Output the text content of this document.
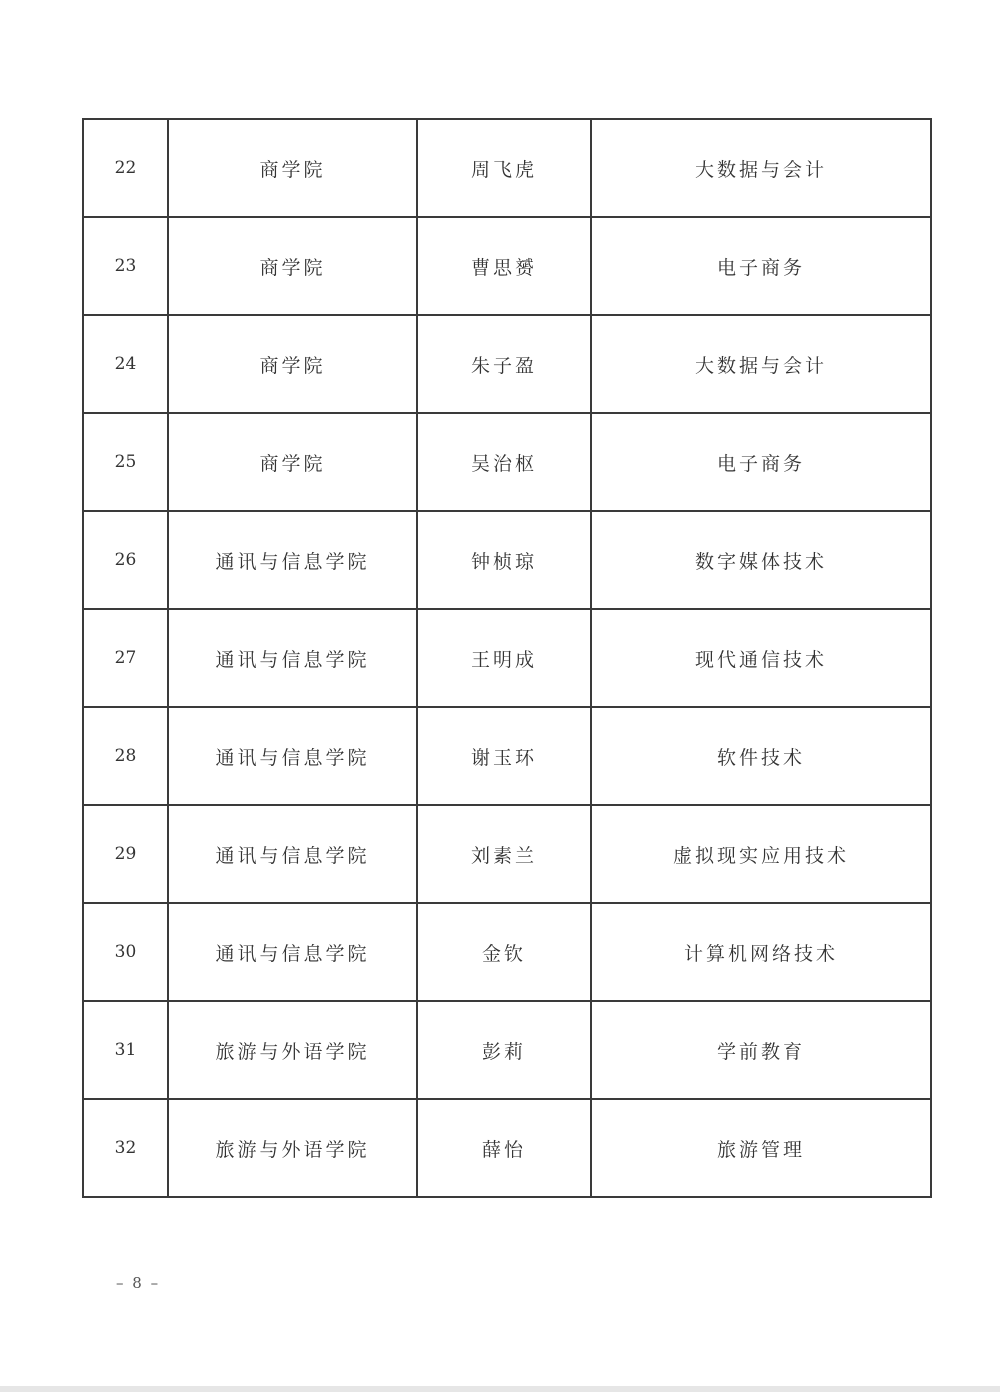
22	商学院	周飞虎	大数据与会计
23	商学院	曹思赟	电子商务
24	商学院	朱子盈	大数据与会计
25	商学院	吴治枢	电子商务
26	通讯与信息学院	钟桢琼	数字媒体技术
27	通讯与信息学院	王明成	现代通信技术
28	通讯与信息学院	谢玉环	软件技术
29	通讯与信息学院	刘素兰	虚拟现实应用技术
30	通讯与信息学院	金钦	计算机网络技术
31	旅游与外语学院	彭莉	学前教育
32	旅游与外语学院	薛怡	旅游管理
– 8 –
